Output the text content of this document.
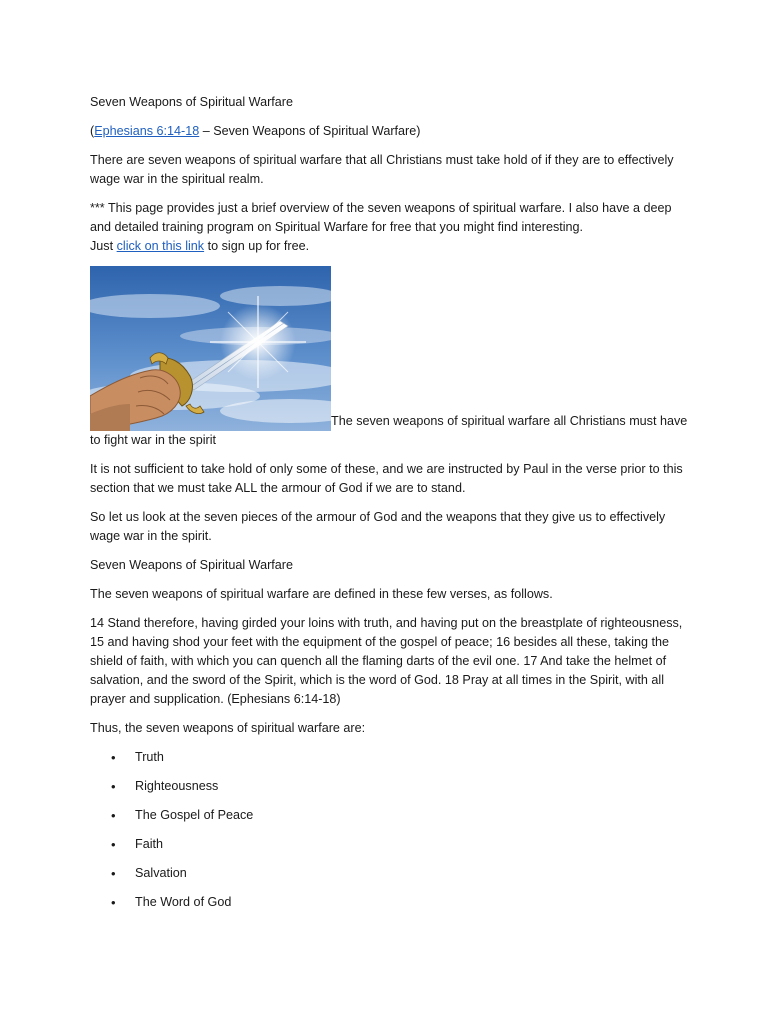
Seven Weapons of Spiritual Warfare

(Ephesians 6:14-18 – Seven Weapons of Spiritual Warfare)

There are seven weapons of spiritual warfare that all Christians must take hold of if they are to effectively wage war in the spiritual realm.

*** This page provides just a brief overview of the seven weapons of spiritual warfare. I also have a deep and detailed training program on Spiritual Warfare for free that you might find interesting.
Just click on this link to sign up for free.

The seven weapons of spiritual warfare all Christians must have to fight war in the spirit

It is not sufficient to take hold of only some of these, and we are instructed by Paul in the verse prior to this section that we must take ALL the armour of God if we are to stand.

So let us look at the seven pieces of the armour of God and the weapons that they give us to effectively wage war in the spirit.

Seven Weapons of Spiritual Warfare

The seven weapons of spiritual warfare are defined in these few verses, as follows.

14 Stand therefore, having girded your loins with truth, and having put on the breastplate of righteousness, 15 and having shod your feet with the equipment of the gospel of peace; 16 besides all these, taking the shield of faith, with which you can quench all the flaming darts of the evil one. 17 And take the helmet of salvation, and the sword of the Spirit, which is the word of God. 18 Pray at all times in the Spirit, with all prayer and supplication. (Ephesians 6:14-18)

Thus, the seven weapons of spiritual warfare are:

• Truth
• Righteousness
• The Gospel of Peace
• Faith
• Salvation
• The Word of God
